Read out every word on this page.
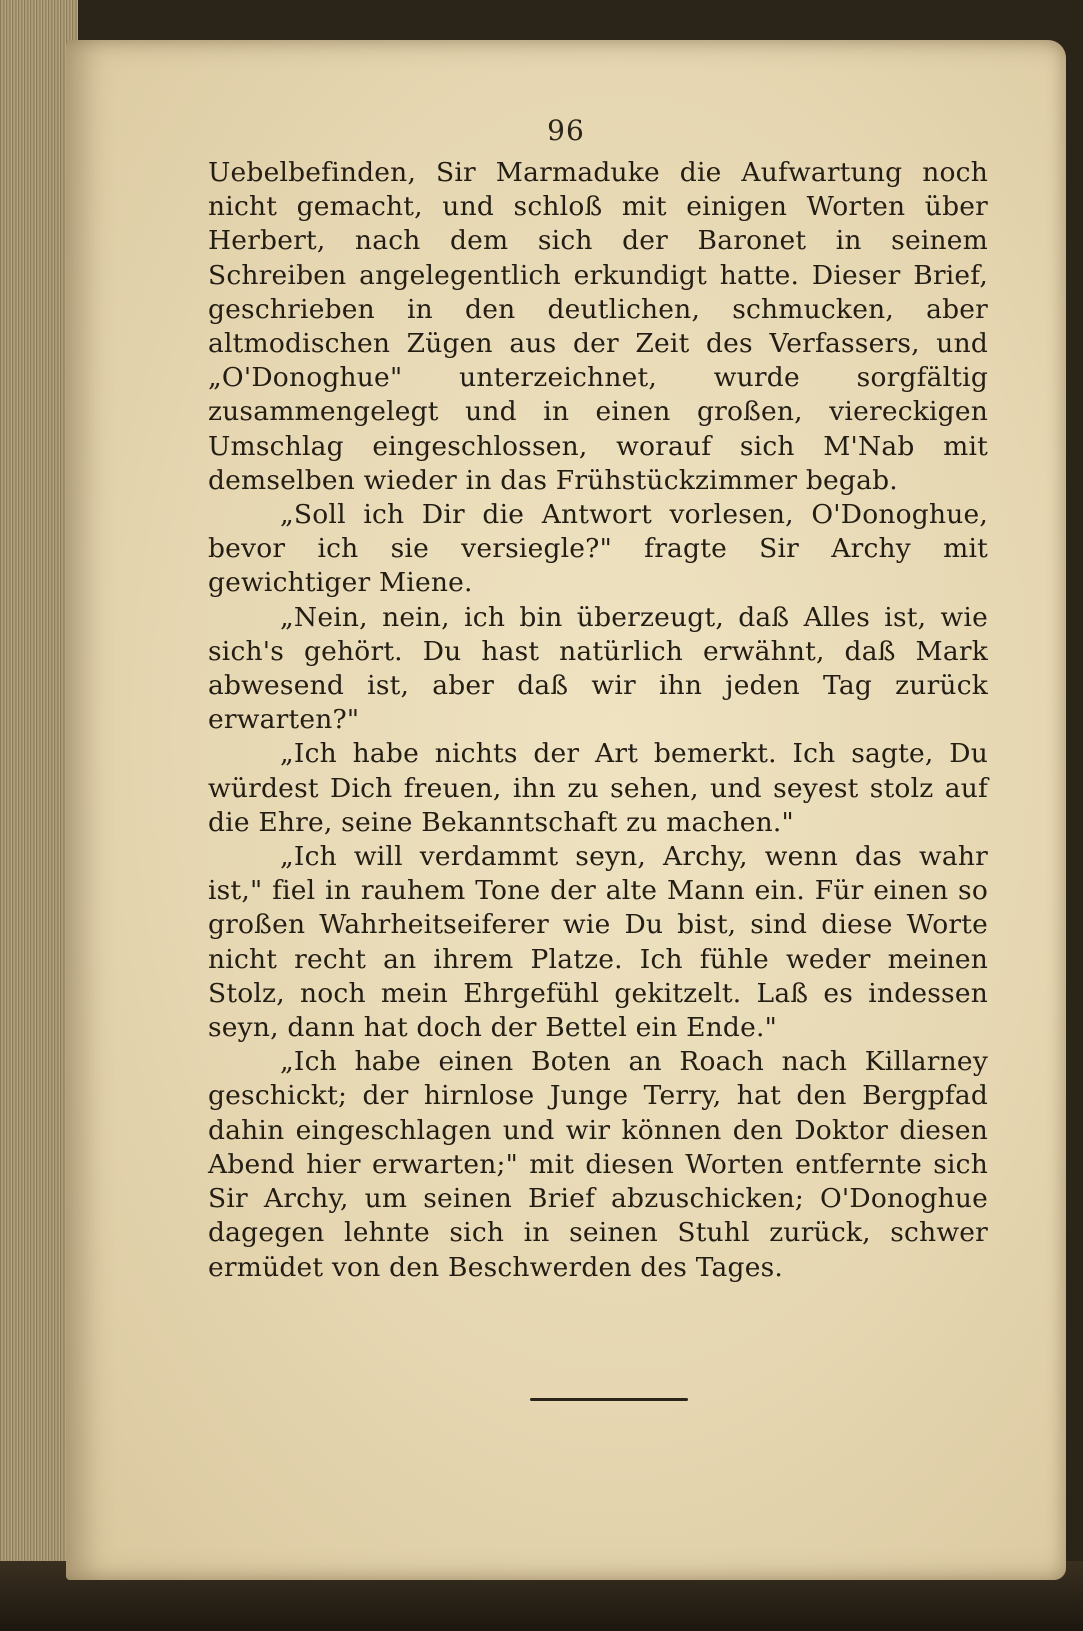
96

Uebelbefinden, Sir Marmaduke die Aufwartung noch nicht gemacht, und schloß mit einigen Worten über Herbert, nach dem sich der Baronet in seinem Schreiben angelegentlich erkundigt hatte. Dieser Brief, geschrieben in den deutlichen, schmucken, aber altmodischen Zügen aus der Zeit des Verfassers, und „O'Donoghue" unterzeichnet, wurde sorgfältig zusammengelegt und in einen großen, viereckigen Umschlag eingeschlossen, worauf sich M'Nab mit demselben wieder in das Frühstückzimmer begab.

„Soll ich Dir die Antwort vorlesen, O'Donoghue, bevor ich sie versiegle?" fragte Sir Archy mit gewichtiger Miene.

„Nein, nein, ich bin überzeugt, daß Alles ist, wie sich's gehört. Du hast natürlich erwähnt, daß Mark abwesend ist, aber daß wir ihn jeden Tag zurück erwarten?"

„Ich habe nichts der Art bemerkt. Ich sagte, Du würdest Dich freuen, ihn zu sehen, und seyest stolz auf die Ehre, seine Bekanntschaft zu machen."

„Ich will verdammt seyn, Archy, wenn das wahr ist," fiel in rauhem Tone der alte Mann ein. Für einen so großen Wahrheitseiferer wie Du bist, sind diese Worte nicht recht an ihrem Platze. Ich fühle weder meinen Stolz, noch mein Ehrgefühl gekitzelt. Laß es indessen seyn, dann hat doch der Bettel ein Ende."

„Ich habe einen Boten an Roach nach Killarney geschickt; der hirnlose Junge Terry, hat den Bergpfad dahin eingeschlagen und wir können den Doktor diesen Abend hier erwarten;" mit diesen Worten entfernte sich Sir Archy, um seinen Brief abzuschicken; O'Donoghue dagegen lehnte sich in seinen Stuhl zurück, schwer ermüdet von den Beschwerden des Tages.
